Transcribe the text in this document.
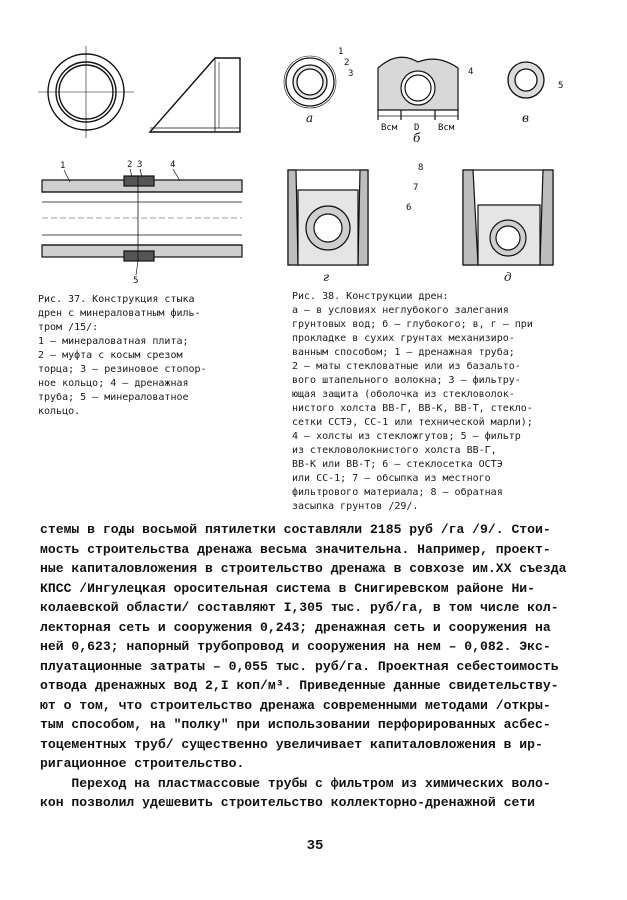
1	2 3	4
5
Рис. 37. Конструкция стыка
дрен с минераловатным филь-
тром /15/:
1 – минераловатная плита;
2 – муфта с косым срезом
торца; 3 – резиновое стопор-
ное кольцо; 4 – дренажная
труба; 5 – минераловатное
кольцо.
а
б
в
г	д
Bсм D Bсм
1
2
3	4
5
6
7
8
Рис. 38. Конструкции дрен:
а – в условиях неглубокого залегания
грунтовых вод; б – глубокого; в, г – при
прокладке в сухих грунтах механизиро-
ванным способом; 1 – дренажная труба;
2 – маты стекловатные или из базальто-
вого штапельного волокна; 3 – фильтру-
ющая защита (оболочка из стекловолок-
нистого холста ВВ-Г, ВВ-К, ВВ-Т, стекло-
сетки ССТЭ, СС-1 или технической марли);
4 – холсты из стекложгутов; 5 – фильтр
из стекловолокнистого холста ВВ-Г,
ВВ-К или ВВ-Т; 6 – стеклосетка ОСТЭ
или СС-1; 7 – обсыпка из местного
фильтрового материала; 8 – обратная
засыпка грунтов /29/.
стемы в годы восьмой пятилетки составляли 2185 руб /га /9/. Стои-
мость строительства дренажа весьма значительна. Например, проект-
ные капиталовложения в строительство дренажа в совхозе им.XX съезда
КПСС /Ингулецкая оросительная система в Снигиревском районе Ни-
колаевской области/ составляют I,305 тыс. руб/га, в том числе кол-
лекторная сеть и сооружения 0,243; дренажная сеть и сооружения на
ней 0,623; напорный трубопровод и сооружения на нем – 0,082. Экс-
плуатационные затраты – 0,055 тыс. руб/га. Проектная себестоимость
отвода дренажных вод 2,I коп/м³. Приведенные данные свидетельству-
ют о том, что строительство дренажа современными методами /откры-
тым способом, на "полку" при использовании перфорированных асбес-
тоцементных труб/ существенно увеличивает капиталовложения в ир-
ригационное строительство.
Переход на пластмассовые трубы с фильтром из химических воло-
кон позволил удешевить строительство коллекторно-дренажной сети
35
